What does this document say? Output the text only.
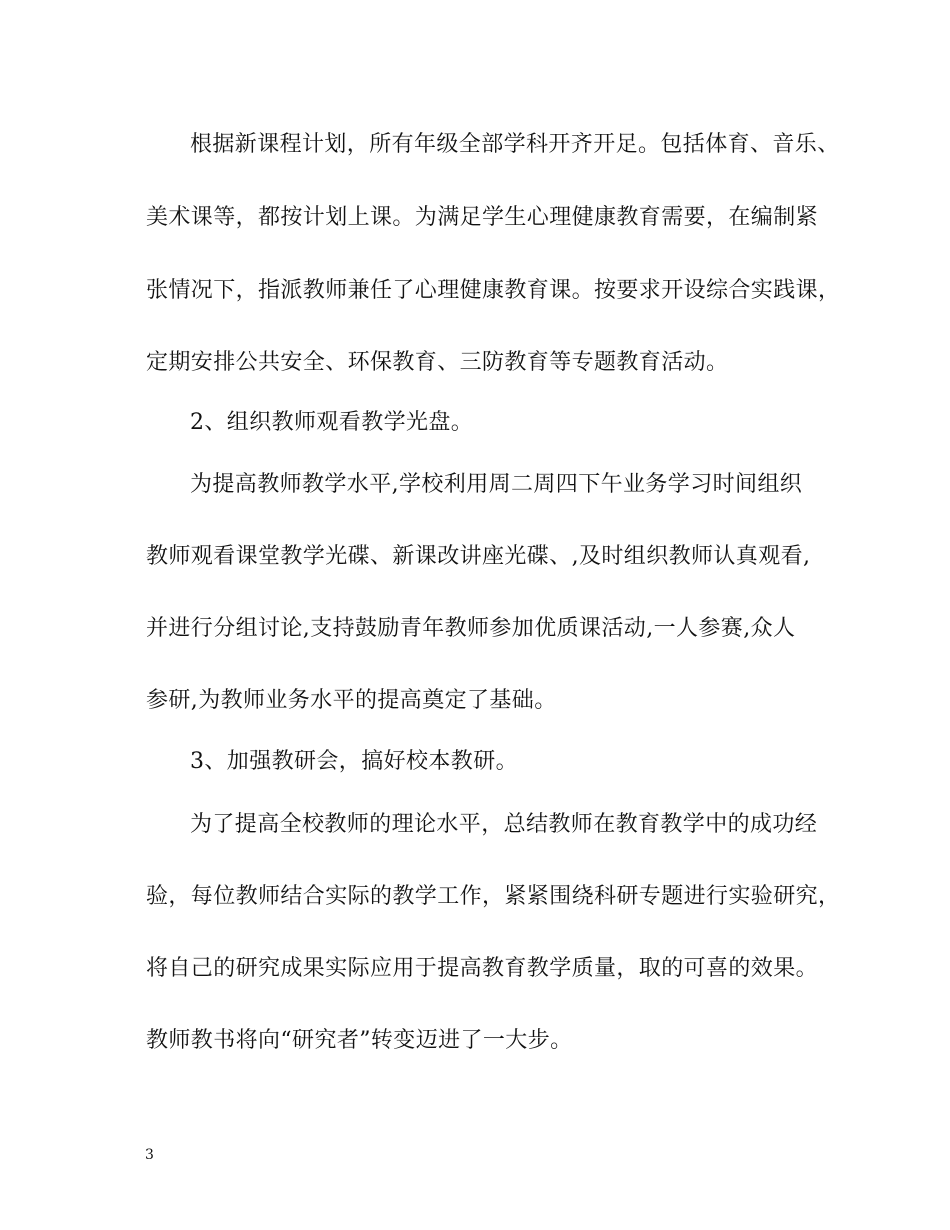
根据新课程计划，所有年级全部学科开齐开足。包括体育、音乐、
美术课等，都按计划上课。为满足学生心理健康教育需要，在编制紧
张情况下，指派教师兼任了心理健康教育课。按要求开设综合实践课，
定期安排公共安全、环保教育、三防教育等专题教育活动。
2、组织教师观看教学光盘。
为提高教师教学水平,学校利用周二周四下午业务学习时间组织
教师观看课堂教学光碟、新课改讲座光碟、,及时组织教师认真观看,
并进行分组讨论,支持鼓励青年教师参加优质课活动,一人参赛,众人
参研,为教师业务水平的提高奠定了基础。
3、加强教研会，搞好校本教研。
为了提高全校教师的理论水平，总结教师在教育教学中的成功经
验，每位教师结合实际的教学工作，紧紧围绕科研专题进行实验研究，
将自己的研究成果实际应用于提高教育教学质量，取的可喜的效果。
教师教书将向“研究者”转变迈进了一大步。
3
